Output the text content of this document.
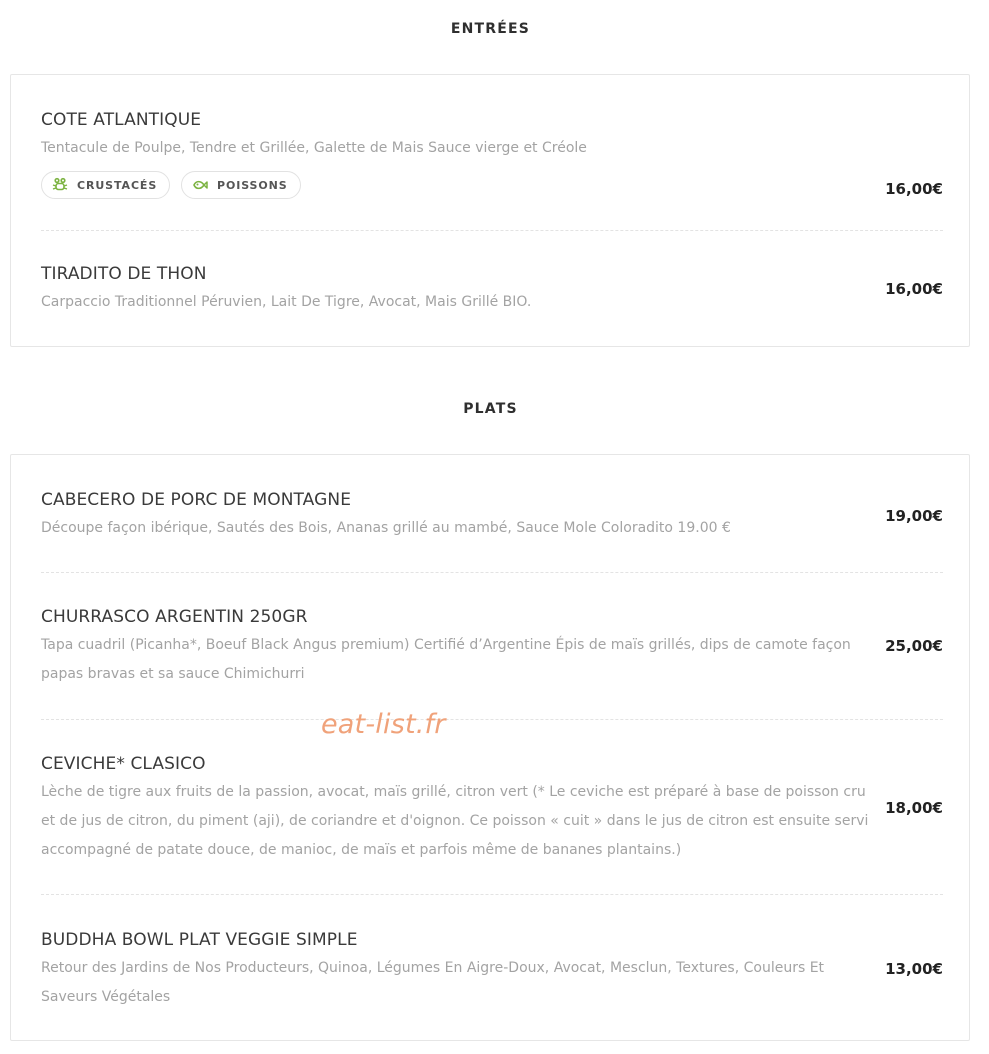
ENTRÉES
COTE ATLANTIQUE
Tentacule de Poulpe, Tendre et Grillée, Galette de Mais Sauce vierge et Créole
16,00€
CRUSTACÉS	POISSONS
TIRADITO DE THON
Carpaccio Traditionnel Péruvien, Lait De Tigre, Avocat, Mais Grillé BIO.
16,00€
PLATS
CABECERO DE PORC DE MONTAGNE
Découpe façon ibérique, Sautés des Bois, Ananas grillé au mambé, Sauce Mole Coloradito 19.00 €
19,00€
CHURRASCO ARGENTIN 250GR
Tapa cuadril (Picanha*, Boeuf Black Angus premium) Certifié d’Argentine Épis de maïs grillés, dips de camote façon papas bravas et sa sauce Chimichurri
25,00€
CEVICHE* CLASICO
Lèche de tigre aux fruits de la passion, avocat, maïs grillé, citron vert (* Le ceviche est préparé à base de poisson cru et de jus de citron, du piment (aji), de coriandre et d'oignon. Ce poisson « cuit » dans le jus de citron est ensuite servi accompagné de patate douce, de manioc, de maïs et parfois même de bananes plantains.)
18,00€
BUDDHA BOWL PLAT VEGGIE SIMPLE
Retour des Jardins de Nos Producteurs, Quinoa, Légumes En Aigre-Doux, Avocat, Mesclun, Textures, Couleurs Et Saveurs Végétales
13,00€
eat-list.fr
